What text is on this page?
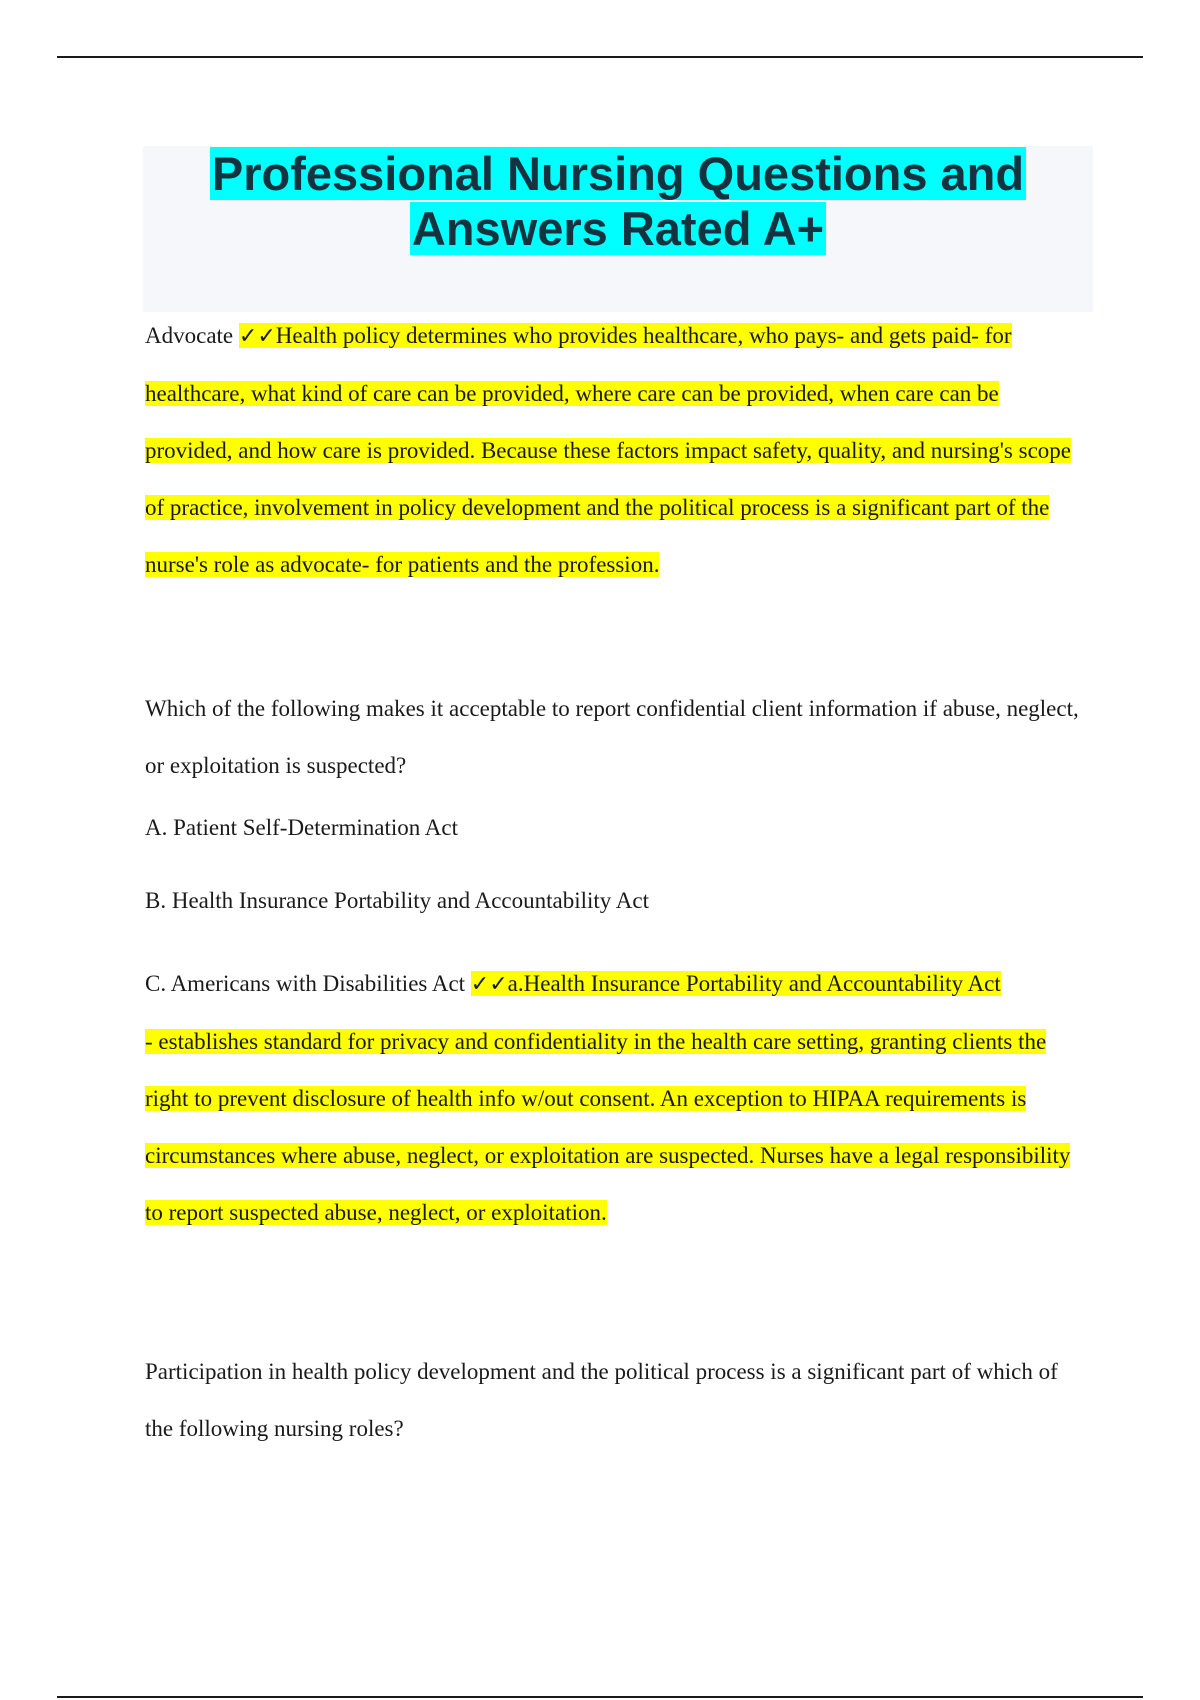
Professional Nursing Questions and
Answers Rated A+

Advocate ✓✓Health policy determines who provides healthcare, who pays- and gets paid- for healthcare, what kind of care can be provided, where care can be provided, when care can be provided, and how care is provided. Because these factors impact safety, quality, and nursing's scope of practice, involvement in policy development and the political process is a significant part of the nurse's role as advocate- for patients and the profession.

Which of the following makes it acceptable to report confidential client information if abuse, neglect, or exploitation is suspected?

A. Patient Self-Determination Act

B. Health Insurance Portability and Accountability Act

C. Americans with Disabilities Act ✓✓a.Health Insurance Portability and Accountability Act
- establishes standard for privacy and confidentiality in the health care setting, granting clients the right to prevent disclosure of health info w/out consent. An exception to HIPAA requirements is circumstances where abuse, neglect, or exploitation are suspected. Nurses have a legal responsibility to report suspected abuse, neglect, or exploitation.

Participation in health policy development and the political process is a significant part of which of the following nursing roles?
